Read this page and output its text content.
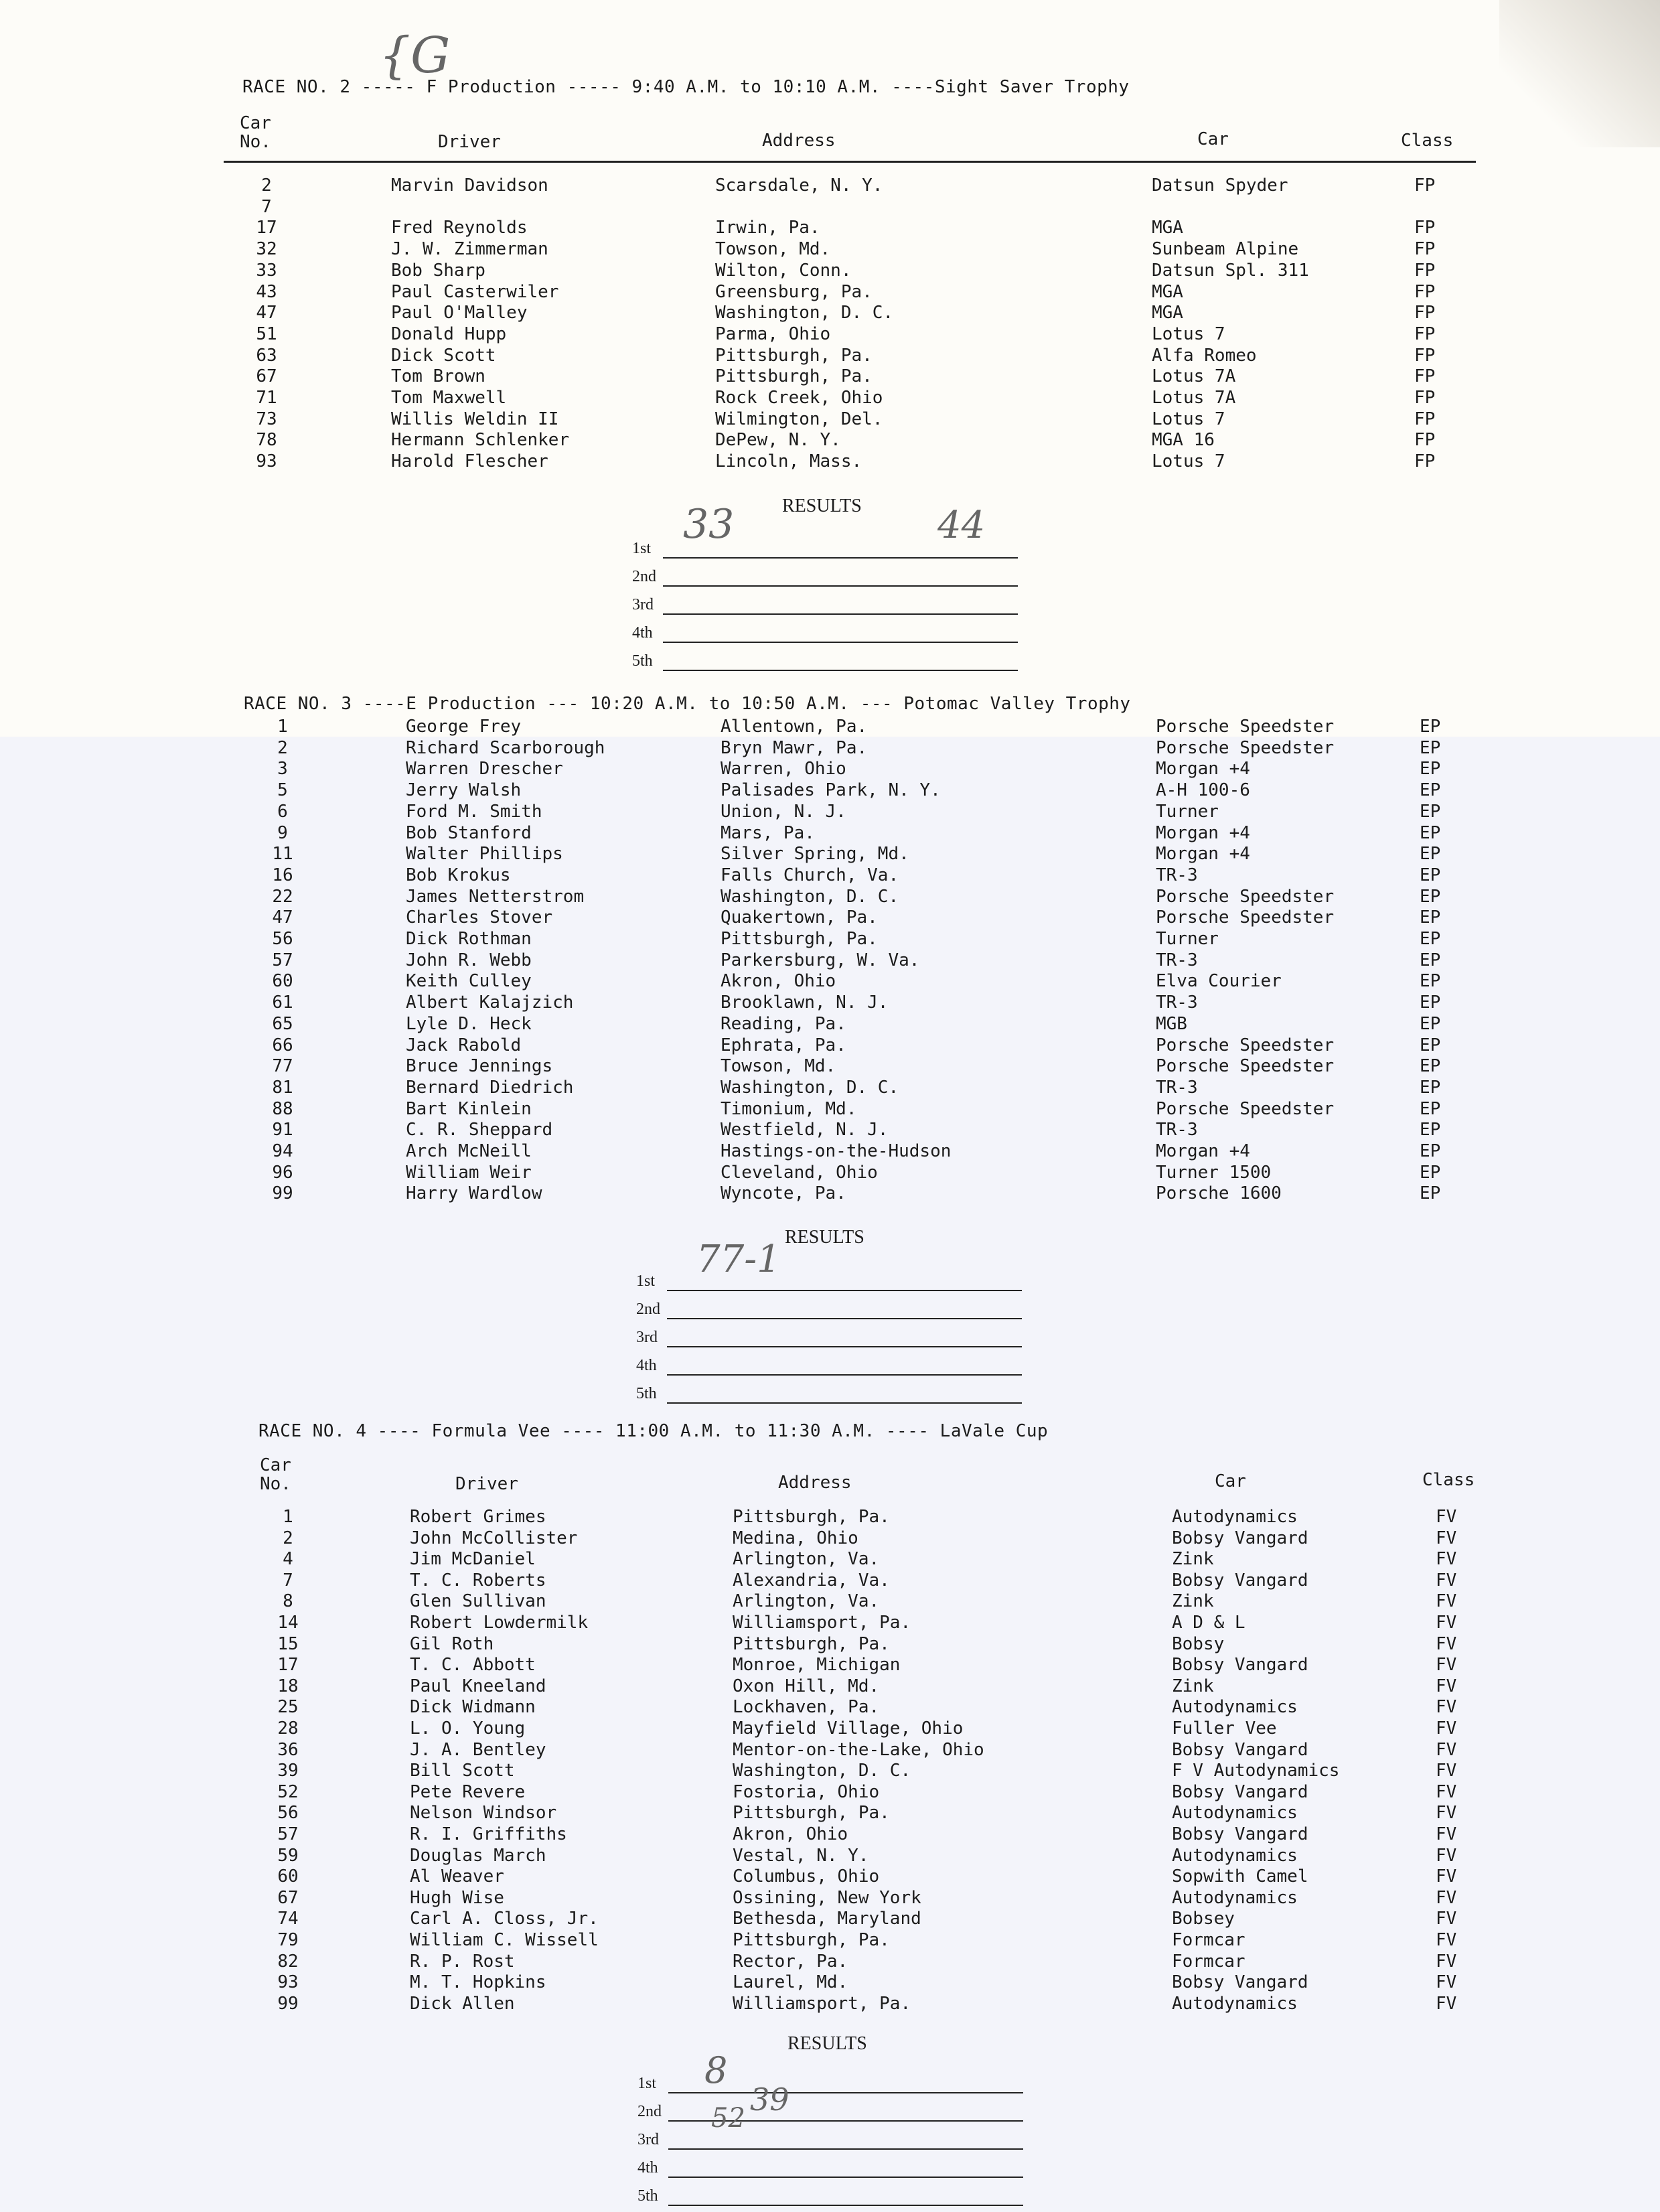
RACE NO. 2 ----- F Production ----- 9:40 A.M. to 10:10 A.M. ----Sight Saver Trophy
{G
Car
No.	Driver	Address	Car	Class
2	Marvin Davidson	Scarsdale, N. Y.	Datsun Spyder	FP
7
17	Fred Reynolds	Irwin, Pa.	MGA	FP
32	J. W. Zimmerman	Towson, Md.	Sunbeam Alpine	FP
33	Bob Sharp	Wilton, Conn.	Datsun Spl. 311	FP
43	Paul Casterwiler	Greensburg, Pa.	MGA	FP
47	Paul O'Malley	Washington, D. C.	MGA	FP
51	Donald Hupp	Parma, Ohio	Lotus 7	FP
63	Dick Scott	Pittsburgh, Pa.	Alfa Romeo	FP
67	Tom Brown	Pittsburgh, Pa.	Lotus 7A	FP
71	Tom Maxwell	Rock Creek, Ohio	Lotus 7A	FP
73	Willis Weldin II	Wilmington, Del.	Lotus 7	FP
78	Hermann Schlenker	DePew, N. Y.	MGA 16	FP
93	Harold Flescher	Lincoln, Mass.	Lotus 7	FP
RESULTS
1st
2nd
3rd
4th
5th
33	44
RACE NO. 3 ----E Production --- 10:20 A.M. to 10:50 A.M. --- Potomac Valley Trophy
1	George Frey	Allentown, Pa.	Porsche Speedster	EP
2	Richard Scarborough	Bryn Mawr, Pa.	Porsche Speedster	EP
3	Warren Drescher	Warren, Ohio	Morgan +4	EP
5	Jerry Walsh	Palisades Park, N. Y.	A-H 100-6	EP
6	Ford M. Smith	Union, N. J.	Turner	EP
9	Bob Stanford	Mars, Pa.	Morgan +4	EP
11	Walter Phillips	Silver Spring, Md.	Morgan +4	EP
16	Bob Krokus	Falls Church, Va.	TR-3	EP
22	James Netterstrom	Washington, D. C.	Porsche Speedster	EP
47	Charles Stover	Quakertown, Pa.	Porsche Speedster	EP
56	Dick Rothman	Pittsburgh, Pa.	Turner	EP
57	John R. Webb	Parkersburg, W. Va.	TR-3	EP
60	Keith Culley	Akron, Ohio	Elva Courier	EP
61	Albert Kalajzich	Brooklawn, N. J.	TR-3	EP
65	Lyle D. Heck	Reading, Pa.	MGB	EP
66	Jack Rabold	Ephrata, Pa.	Porsche Speedster	EP
77	Bruce Jennings	Towson, Md.	Porsche Speedster	EP
81	Bernard Diedrich	Washington, D. C.	TR-3	EP
88	Bart Kinlein	Timonium, Md.	Porsche Speedster	EP
91	C. R. Sheppard	Westfield, N. J.	TR-3	EP
94	Arch McNeill	Hastings-on-the-Hudson	Morgan +4	EP
96	William Weir	Cleveland, Ohio	Turner 1500	EP
99	Harry Wardlow	Wyncote, Pa.	Porsche 1600	EP
RESULTS
1st
2nd
3rd
4th
5th
77-1
RACE NO. 4 ---- Formula Vee ---- 11:00 A.M. to 11:30 A.M. ---- LaVale Cup
Car
No.	Driver	Address	Car	Class
1	Robert Grimes	Pittsburgh, Pa.	Autodynamics	FV
2	John McCollister	Medina, Ohio	Bobsy Vangard	FV
4	Jim McDaniel	Arlington, Va.	Zink	FV
7	T. C. Roberts	Alexandria, Va.	Bobsy Vangard	FV
8	Glen Sullivan	Arlington, Va.	Zink	FV
14	Robert Lowdermilk	Williamsport, Pa.	A D & L	FV
15	Gil Roth	Pittsburgh, Pa.	Bobsy	FV
17	T. C. Abbott	Monroe, Michigan	Bobsy Vangard	FV
18	Paul Kneeland	Oxon Hill, Md.	Zink	FV
25	Dick Widmann	Lockhaven, Pa.	Autodynamics	FV
28	L. O. Young	Mayfield Village, Ohio	Fuller Vee	FV
36	J. A. Bentley	Mentor-on-the-Lake, Ohio	Bobsy Vangard	FV
39	Bill Scott	Washington, D. C.	F V Autodynamics	FV
52	Pete Revere	Fostoria, Ohio	Bobsy Vangard	FV
56	Nelson Windsor	Pittsburgh, Pa.	Autodynamics	FV
57	R. I. Griffiths	Akron, Ohio	Bobsy Vangard	FV
59	Douglas March	Vestal, N. Y.	Autodynamics	FV
60	Al Weaver	Columbus, Ohio	Sopwith Camel	FV
67	Hugh Wise	Ossining, New York	Autodynamics	FV
74	Carl A. Closs, Jr.	Bethesda, Maryland	Bobsey	FV
79	William C. Wissell	Pittsburgh, Pa.	Formcar	FV
82	R. P. Rost	Rector, Pa.	Formcar	FV
93	M. T. Hopkins	Laurel, Md.	Bobsy Vangard	FV
99	Dick Allen	Williamsport, Pa.	Autodynamics	FV
RESULTS
1st
2nd
3rd
4th
5th
8
39
52
